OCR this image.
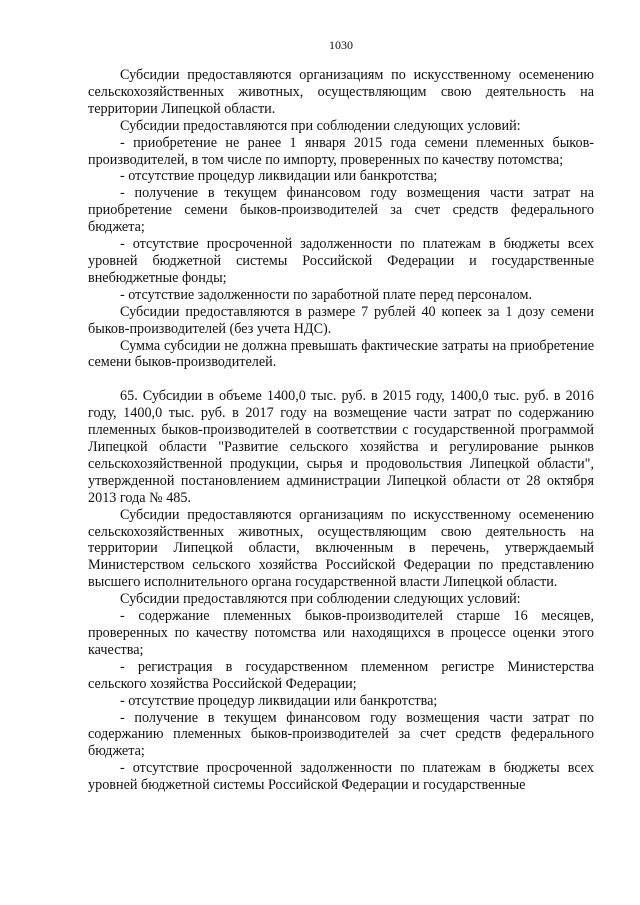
1030

Субсидии предоставляются организациям по искусственному осеменению сельскохозяйственных животных, осуществляющим свою деятельность на территории Липецкой области.

Субсидии предоставляются при соблюдении следующих условий:

- приобретение не ранее 1 января 2015 года семени племенных быков-производителей, в том числе по импорту, проверенных по качеству потомства;

- отсутствие процедур ликвидации или банкротства;

- получение в текущем финансовом году возмещения части затрат на приобретение семени быков-производителей за счет средств федерального бюджета;

- отсутствие просроченной задолженности по платежам в бюджеты всех уровней бюджетной системы Российской Федерации и государственные внебюджетные фонды;

- отсутствие задолженности по заработной плате перед персоналом.

Субсидии предоставляются в размере 7 рублей 40 копеек за 1 дозу семени быков-производителей (без учета НДС).

Сумма субсидии не должна превышать фактические затраты на приобретение семени быков-производителей.

65. Субсидии в объеме 1400,0 тыс. руб. в 2015 году, 1400,0 тыс. руб. в 2016 году, 1400,0 тыс. руб. в 2017 году на возмещение части затрат по содержанию племенных быков-производителей в соответствии с государственной программой Липецкой области "Развитие сельского хозяйства и регулирование рынков сельскохозяйственной продукции, сырья и продовольствия Липецкой области", утвержденной постановлением администрации Липецкой области от 28 октября 2013 года № 485.

Субсидии предоставляются организациям по искусственному осеменению сельскохозяйственных животных, осуществляющим свою деятельность на территории Липецкой области, включенным в перечень, утверждаемый Министерством сельского хозяйства Российской Федерации по представлению высшего исполнительного органа государственной власти Липецкой области.

Субсидии предоставляются при соблюдении следующих условий:

- содержание племенных быков-производителей старше 16 месяцев, проверенных по качеству потомства или находящихся в процессе оценки этого качества;

- регистрация в государственном племенном регистре Министерства сельского хозяйства Российской Федерации;

- отсутствие процедур ликвидации или банкротства;

- получение в текущем финансовом году возмещения части затрат по содержанию племенных быков-производителей за счет средств федерального бюджета;

- отсутствие просроченной задолженности по платежам в бюджеты всех уровней бюджетной системы Российской Федерации и государственные
